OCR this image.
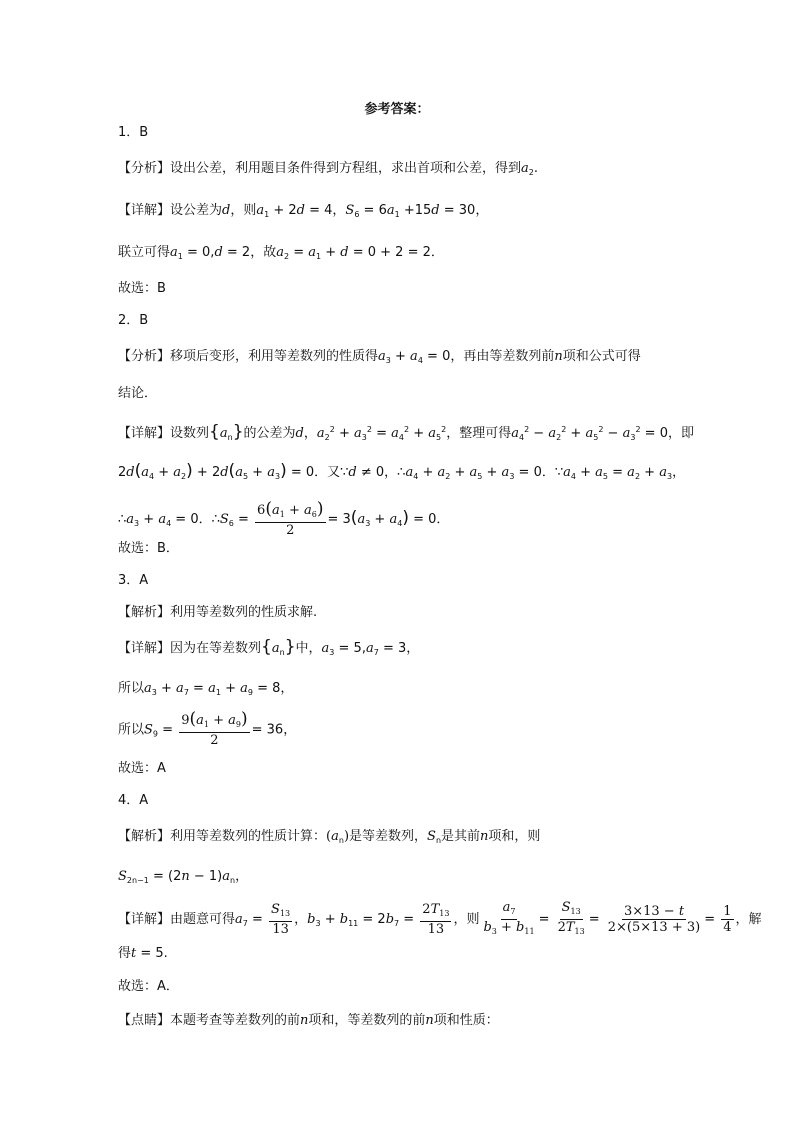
参考答案：
1．B
【分析】设出公差，利用题目条件得到方程组，求出首项和公差，得到$a_2$.
【详解】设公差为d，则$a_1 + 2d = 4$，$S_6 = 6a_1 +15d = 30$，
联立可得$a_1 = 0,d = 2$，故$a_2 = a_1 + d = 0 + 2 = 2$．
故选：B
2．B
【分析】移项后变形，利用等差数列的性质得$a_3 + a_4 = 0$，再由等差数列前n项和公式可得
结论．
【详解】设数列$\{a_n\}$的公差为d，$a_2^2 + a_3^2 = a_4^2 + a_5^2$，整理可得$a_4^2 - a_2^2 + a_5^2 - a_3^2 = 0$，即
$2d(a_4 + a_2) + 2d(a_5 + a_3) = 0$．又∵d ≠ 0，$\therefore a_4 + a_2 + a_5 + a_3 = 0$．$\because a_4 + a_5 = a_2 + a_3$，
$\therefore a_3 + a_4 = 0$．$\therefore S_6 = \frac{6(a_1 + a_6)}{2} = 3(a_3 + a_4) = 0$．
故选：B．
3．A
【解析】利用等差数列的性质求解.
【详解】因为在等差数列$\{a_n\}$中，$a_3 = 5,a_7 = 3$，
所以$a_3 + a_7 = a_1 + a_9 = 8$，
所以$S_9 = \frac{9(a_1 + a_9)}{2} = 36$，
故选：A
4．A
【解析】利用等差数列的性质计算：$(a_n)$是等差数列，$S_n$是其前n项和，则
$S_{2n-1} = (2n - 1)a_n$，
【详解】由题意可得$a_7 = \frac{S_{13}}{13}$ ，$b_3 + b_{11} = 2b_7 = \frac{2T_{13}}{13}$ ，则 $\frac{a_7}{b_3 + b_{11}} = \frac{S_{13}}{2T_{13}} = \frac{3\times 13 - t}{2\times(5\times 13 + 3)} = \frac{1}{4}$ ，解
得t = 5.
故选：A．
【点睛】本题考查等差数列的前n项和，等差数列的前n项和性质：
